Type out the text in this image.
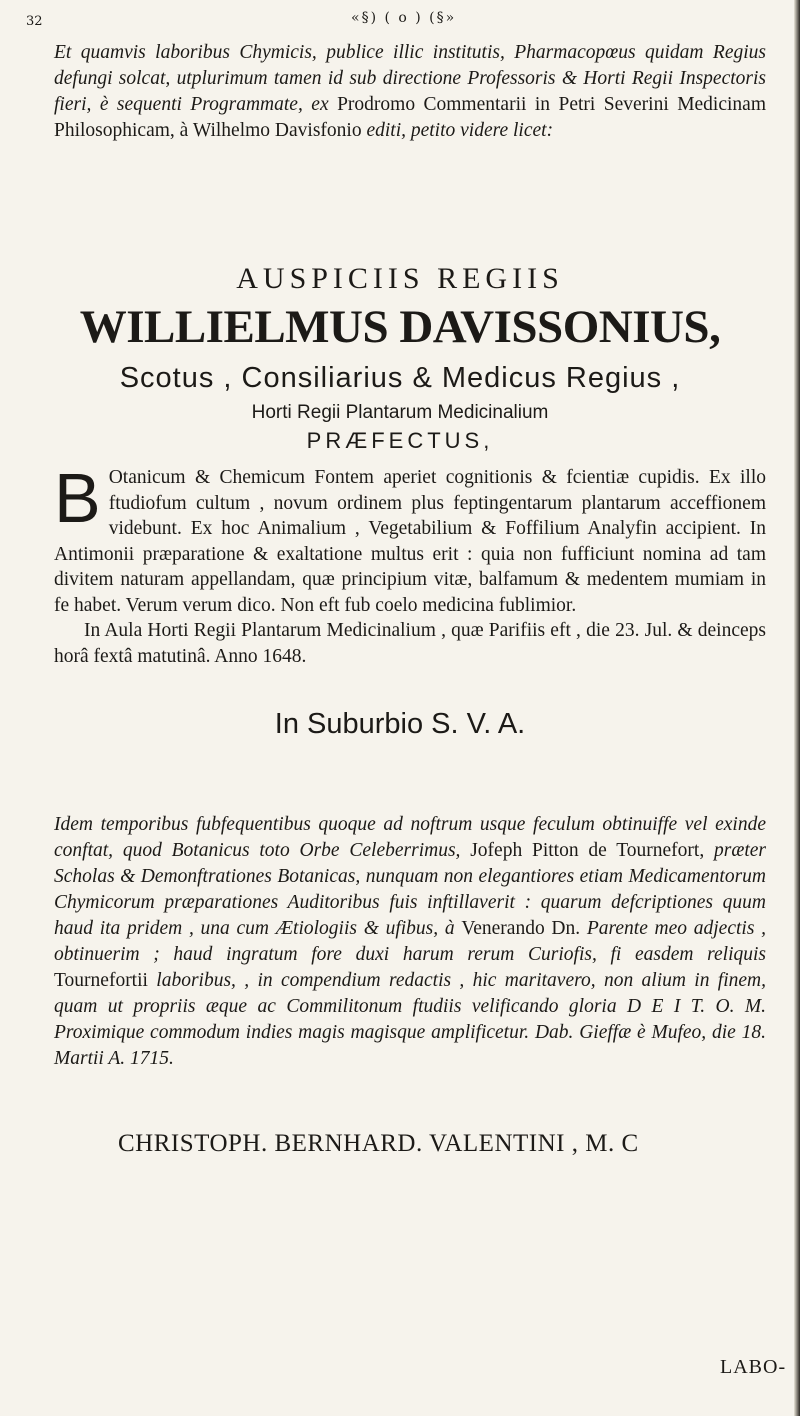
32	«§) ( o ) (§»
Et quamvis laboribus Chymicis, publice illic institutis, Pharmacopœus quidam Regius defungi solcat, utplurimum tamen id sub directione Professoris & Horti Regii Inspectoris fieri, è sequenti Programmate, ex Prodromo Commentarii in Petri Severini Medicinam Philosophicam, à Wilhelmo Davisfonio editi, petito videre licet:
AUSPICIIS REGIIS
WILLIELMUS DAVISSONIUS,
Scotus , Consiliarius & Medicus Regius ,
Horti Regii Plantarum Medicinalium
PRÆFECTUS,
B Otanicum & Chemicum Fontem aperiet cognitionis & fcientiæ cupidis. Ex illo ftudiofum cultum , novum ordinem plus feptingentarum plantarum acceffionem videbunt. Ex hoc Animalium , Vegetabilium & Foffilium Analyfin accipient. In Antimonii præparatione & exaltatione multus erit : quia non fufficiunt nomina ad tam divitem naturam appellandam, quæ principium vitæ, balfamum & medentem mumiam in fe habet. Verum verum dico. Non eft fub coelo medicina fublimior.
In Aula Horti Regii Plantarum Medicinalium , quæ Parifiis eft , die 23. Jul. & deinceps horâ fextâ matutinâ. Anno 1648.
In Suburbio S. V. A.
Idem temporibus fubfequentibus quoque ad noftrum usque feculum obtinuiffe vel exinde conftat, quod Botanicus toto Orbe Celeberrimus, Jofeph Pitton de Tournefort, præter Scholas & Demonftrationes Botanicas, nunquam non elegantiores etiam Medicamentorum Chymicorum præparationes Auditoribus fuis inftillaverit : quarum defcriptiones quum haud ita pridem , una cum Ætiologiis & ufibus, à Venerando Dn. Parente meo adjectis , obtinuerim ; haud ingratum fore duxi harum rerum Curiofis, fi easdem reliquis Tournefortii laboribus, , in compendium redactis , hic maritavero, non alium in finem, quam ut propriis æque ac Commilitonum ftudiis velificando gloria D E I T. O. M. Proximique commodum indies magis magisque amplificetur. Dab. Gieffæ è Mufeo, die 18. Martii A. 1715.
CHRISTOPH. BERNHARD. VALENTINI , M. C
LABO-
